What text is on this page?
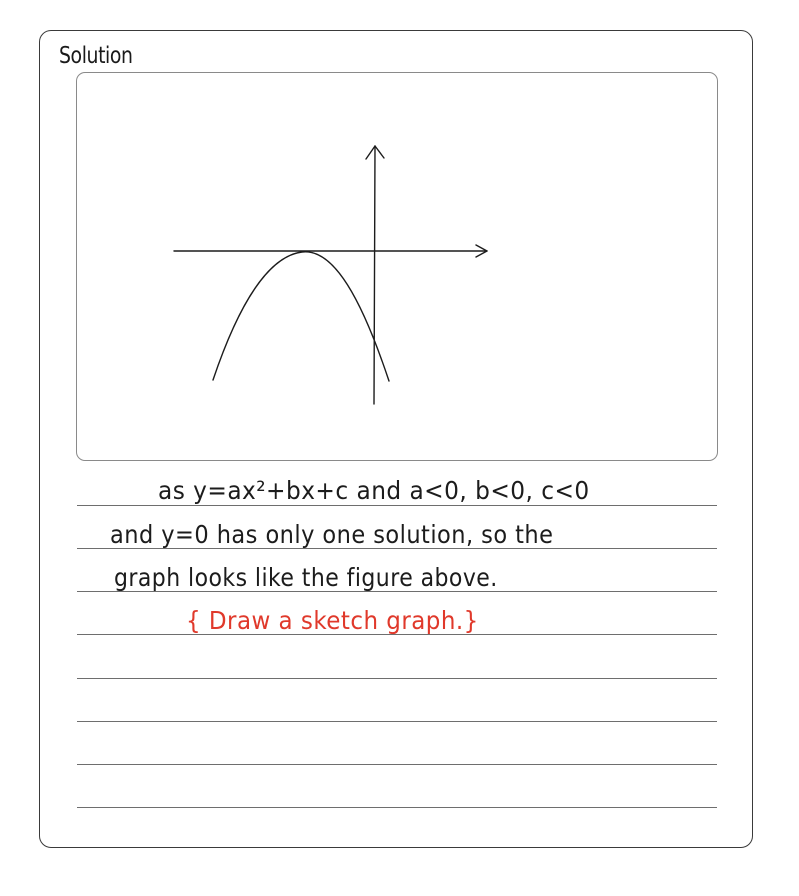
Solution
as y=ax²+bx+c and a<0, b<0, c<0
and y=0 has only one solution, so the
graph looks like the figure above.
{ Draw a sketch graph.}
